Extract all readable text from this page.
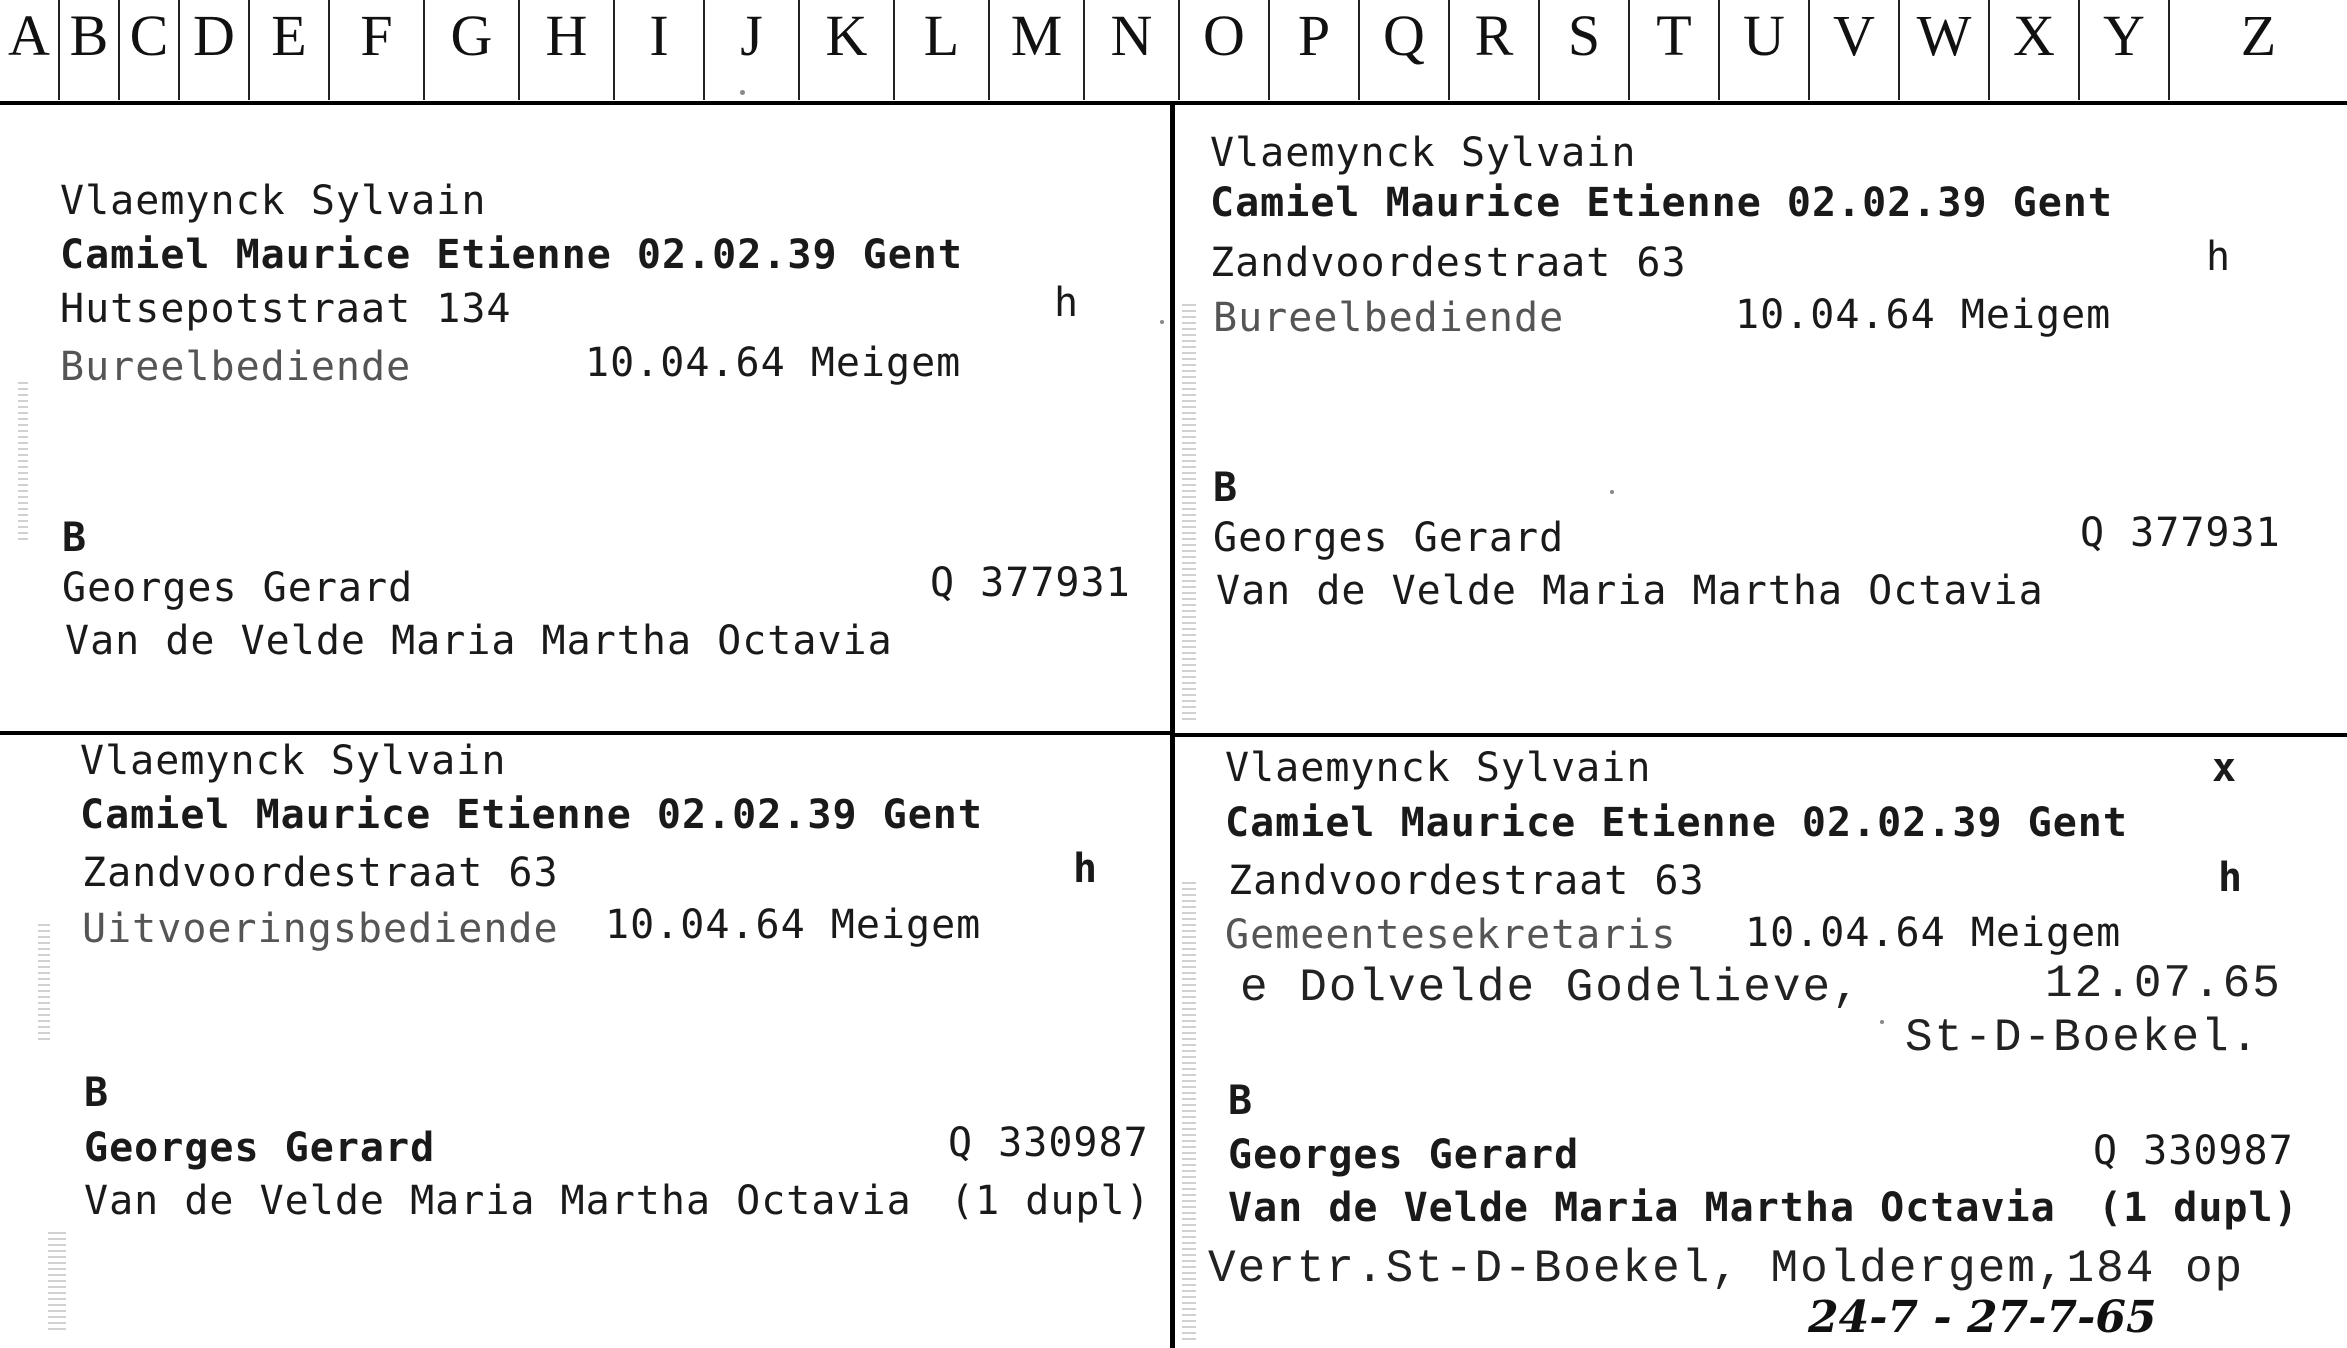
A B C D E F G H	I	J	K L M N O P Q R S T U V W X Y	Z
Vlaemynck Sylvain
Camiel Maurice Etienne 02.02.39 Gent
Hutsepotstraat 134	h
Bureelbediende	10.04.64 Meigem
B
Georges Gerard	Q 377931
Van de Velde Maria Martha Octavia
Vlaemynck Sylvain
Camiel Maurice Etienne 02.02.39 Gent
Zandvoordestraat 63	h
Bureelbediende	10.04.64 Meigem
B
Georges Gerard	Q 377931
Van de Velde Maria Martha Octavia
Vlaemynck Sylvain
Camiel Maurice Etienne 02.02.39 Gent
Zandvoordestraat 63	h
Uitvoeringsbediende 10.04.64 Meigem
B
Georges Gerard	Q 330987
Van de Velde Maria Martha Octavia (1 dupl)
Vlaemynck Sylvain	x
Camiel Maurice Etienne 02.02.39 Gent
Zandvoordestraat 63	h
Gemeentesekretaris 10.04.64 Meigem
e Dolvelde Godelieve,	12.07.65
St-D-Boekel.
B
Georges Gerard	Q 330987
Van de Velde Maria Martha Octavia (1 dupl)
Vertr.St-D-Boekel, Moldergem,184 op
24-7 - 27-7-65
